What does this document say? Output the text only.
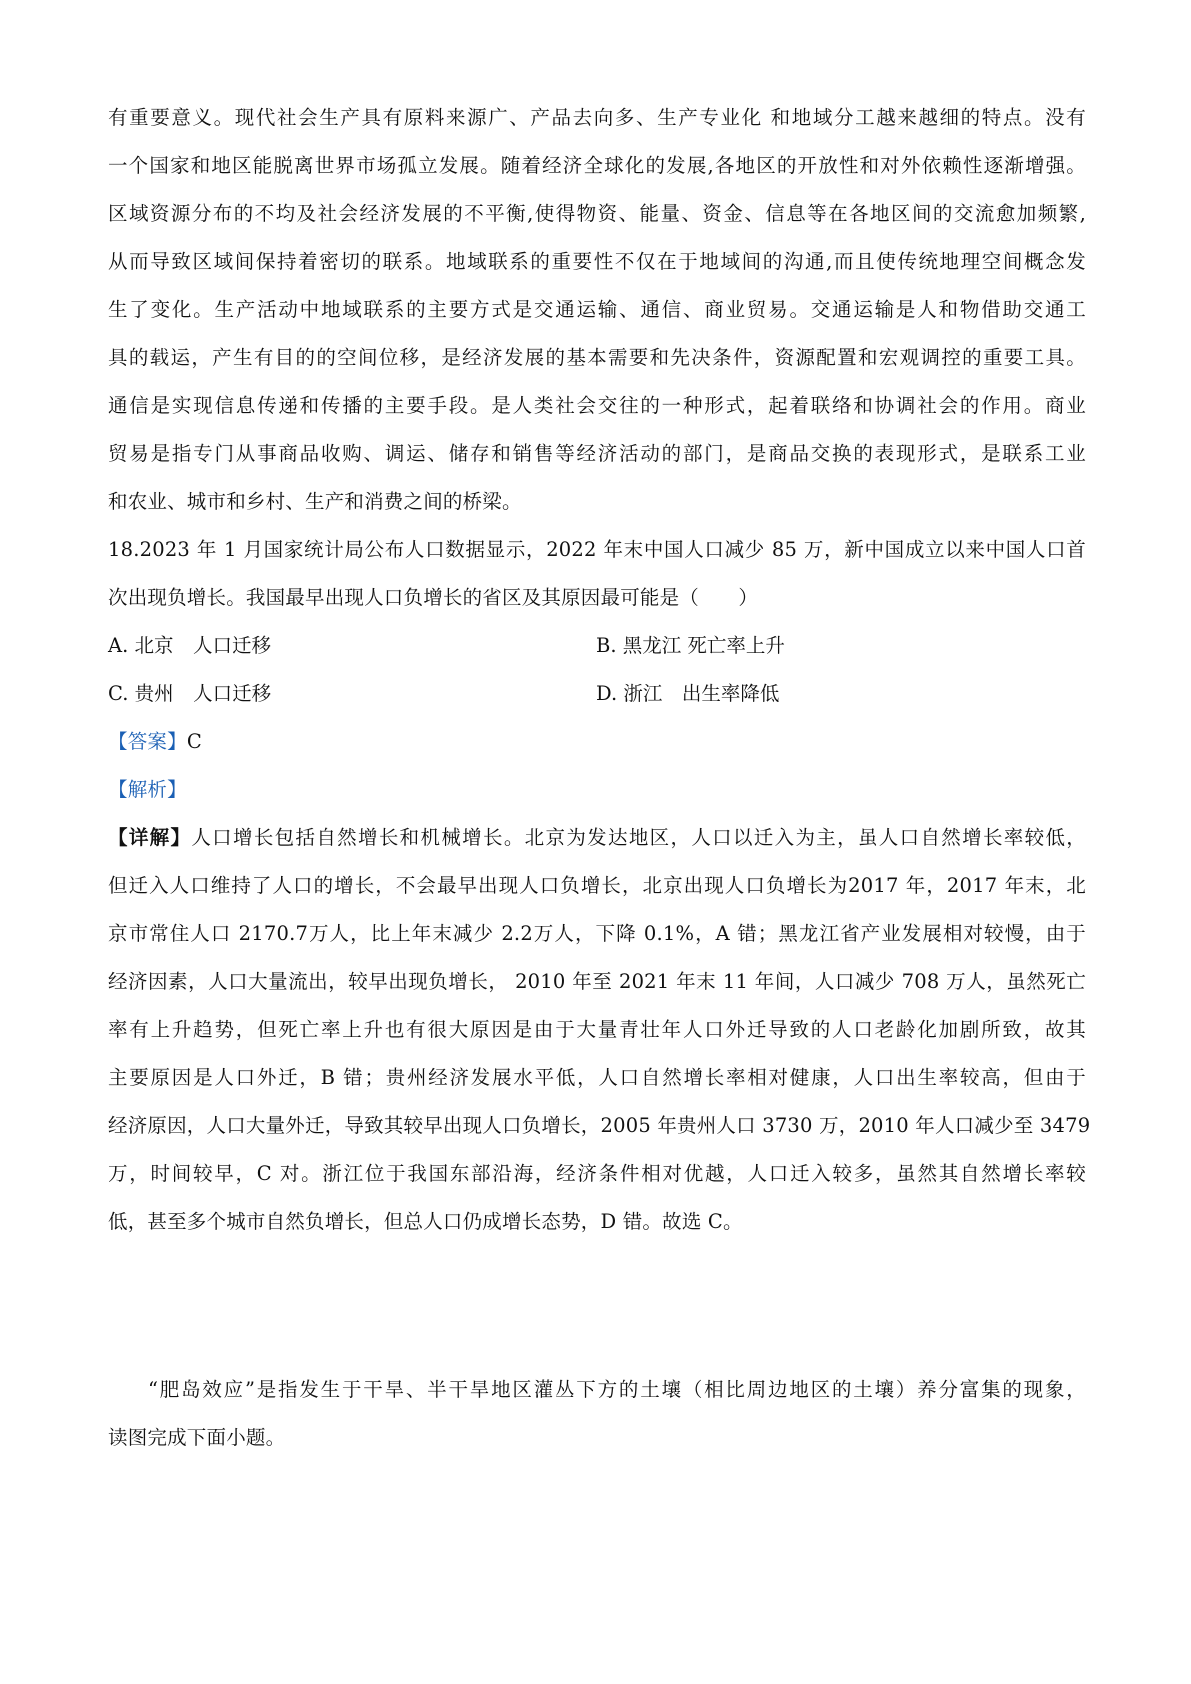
有重要意义。现代社会生产具有原料来源广、产品去向多、生产专业化 和地域分工越来越细的特点。没有
一个国家和地区能脱离世界市场孤立发展。随着经济全球化的发展,各地区的开放性和对外依赖性逐渐增强。
区域资源分布的不均及社会经济发展的不平衡,使得物资、能量、资金、信息等在各地区间的交流愈加频繁,
从而导致区域间保持着密切的联系。地域联系的重要性不仅在于地域间的沟通,而且使传统地理空间概念发
生了变化。生产活动中地域联系的主要方式是交通运输、通信、商业贸易。交通运输是人和物借助交通工
具的载运，产生有目的的空间位移，是经济发展的基本需要和先决条件，资源配置和宏观调控的重要工具。
通信是实现信息传递和传播的主要手段。是人类社会交往的一种形式，起着联络和协调社会的作用。商业
贸易是指专门从事商品收购、调运、储存和销售等经济活动的部门，是商品交换的表现形式，是联系工业
和农业、城市和乡村、生产和消费之间的桥梁。
18.2023 年 1 月国家统计局公布人口数据显示，2022 年末中国人口减少 85 万，新中国成立以来中国人口首
次出现负增长。我国最早出现人口负增长的省区及其原因最可能是（　　）
A. 北京　人口迁移	B. 黑龙江 死亡率上升
C. 贵州　人口迁移	D. 浙江　出生率降低
【答案】C
【解析】
【详解】人口增长包括自然增长和机械增长。北京为发达地区，人口以迁入为主，虽人口自然增长率较低，
但迁入人口维持了人口的增长，不会最早出现人口负增长，北京出现人口负增长为2017 年，2017 年末，北
京市常住人口 2170.7万人，比上年末减少 2.2万人，下降 0.1%，A 错；黑龙江省产业发展相对较慢，由于
经济因素，人口大量流出，较早出现负增长， 2010 年至 2021 年末 11 年间，人口减少 708 万人，虽然死亡
率有上升趋势，但死亡率上升也有很大原因是由于大量青壮年人口外迁导致的人口老龄化加剧所致，故其
主要原因是人口外迁，B 错；贵州经济发展水平低，人口自然增长率相对健康，人口出生率较高，但由于
经济原因，人口大量外迁，导致其较早出现人口负增长，2005 年贵州人口 3730 万，2010 年人口减少至 3479
万，时间较早，C 对。浙江位于我国东部沿海，经济条件相对优越，人口迁入较多，虽然其自然增长率较
低，甚至多个城市自然负增长，但总人口仍成增长态势，D 错。故选 C。
“肥岛效应”是指发生于干旱、半干旱地区灌丛下方的土壤（相比周边地区的土壤）养分富集的现象，
读图完成下面小题。
